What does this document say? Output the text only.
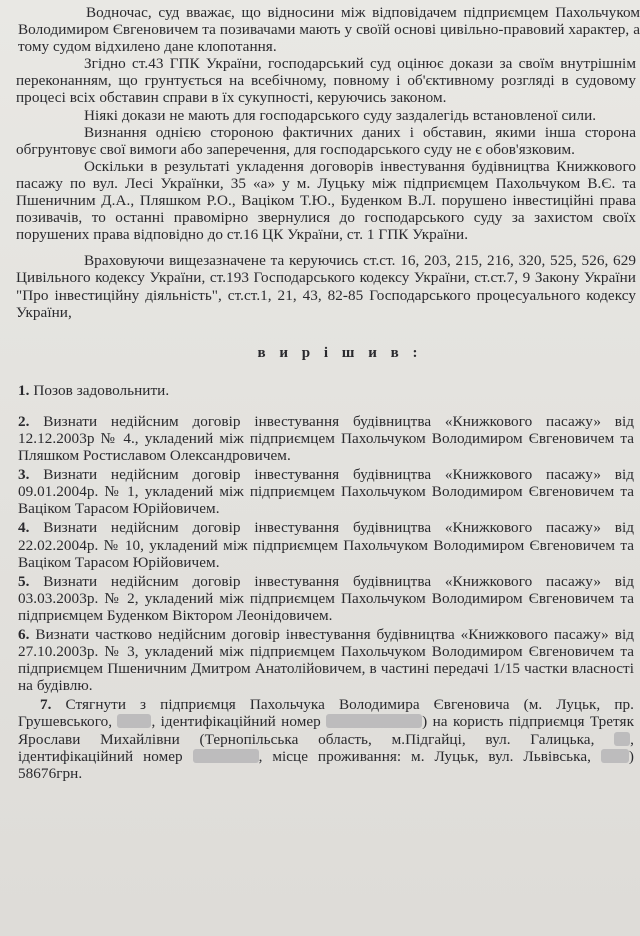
Водночас, суд вважає, що відносини між відповідачем підприємцем Пахольчуком Володимиром Євгеновичем та позивачами мають у своїй основі цивільно-правовий характер, а тому судом відхилено дане клопотання.

Згідно ст.43 ГПК України, господарський суд оцінює докази за своїм внутрішнім переконанням, що грунтується на всебічному, повному і об'єктивному розгляді в судовому процесі всіх обставин справи в їх сукупності, керуючись законом.

Ніякі докази не мають для господарського суду заздалегідь встановленої сили.

Визнання однією стороною фактичних даних і обставин, якими інша сторона обгрунтовує свої вимоги або заперечення, для господарського суду не є обов'язковим.

Оскільки в результаті укладення договорів інвестування будівництва Книжкового пасажу по вул. Лесі Українки, 35 «а» у м. Луцьку між підприємцем Пахольчуком В.Є. та Пшеничним Д.А., Пляшком Р.О., Ваціком Т.Ю., Буденком В.Л. порушено інвестиційні права позивачів, то останні правомірно звернулися до господарського суду за захистом своїх порушених права відповідно до ст.16 ЦК України, ст. 1 ГПК України.

Враховуючи вищезазначене та керуючись ст.ст. 16, 203, 215, 216, 320, 525, 526, 629 Цивільного кодексу України, ст.193 Господарського кодексу України, ст.ст.7, 9 Закону України "Про інвестиційну діяльність", ст.ст.1, 21, 43, 82-85 Господарського процесуального кодексу України,

в и р і ш и в :

1. Позов задовольнити.

2. Визнати недійсним договір інвестування будівництва «Книжкового пасажу» від 12.12.2003р № 4., укладений між підприємцем Пахольчуком Володимиром Євгеновичем та Пляшком Ростиславом Олександровичем.

3. Визнати недійсним договір інвестування будівництва «Книжкового пасажу» від 09.01.2004р. № 1, укладений між підприємцем Пахольчуком Володимиром Євгеновичем та Ваціком Тарасом Юрійовичем.

4. Визнати недійсним договір інвестування будівництва «Книжкового пасажу» від 22.02.2004р. № 10, укладений між підприємцем Пахольчуком Володимиром Євгеновичем та Ваціком Тарасом Юрійовичем.

5. Визнати недійсним договір інвестування будівництва «Книжкового пасажу» від 03.03.2003р. № 2, укладений між підприємцем Пахольчуком Володимиром Євгеновичем та підприємцем Буденком Віктором Леонідовичем.

6. Визнати частково недійсним договір інвестування будівництва «Книжкового пасажу» від 27.10.2003р. № 3, укладений між підприємцем Пахольчуком Володимиром Євгеновичем та підприємцем Пшеничним Дмитром Анатолійовичем, в частині передачі 1/15 частки власності на будівлю.

7. Стягнути з підприємця Пахольчука Володимира Євгеновича (м. Луцьк, пр. Грушевського,	, ідентифікаційний номер	) на користь підприємця Третяк Ярослави Михайлівни (Тернопільська область, м.Підгайці, вул. Галицька, , ідентифікаційний номер	, місце проживання: м. Луцьк, вул. Львівська, ) 58676грн.
